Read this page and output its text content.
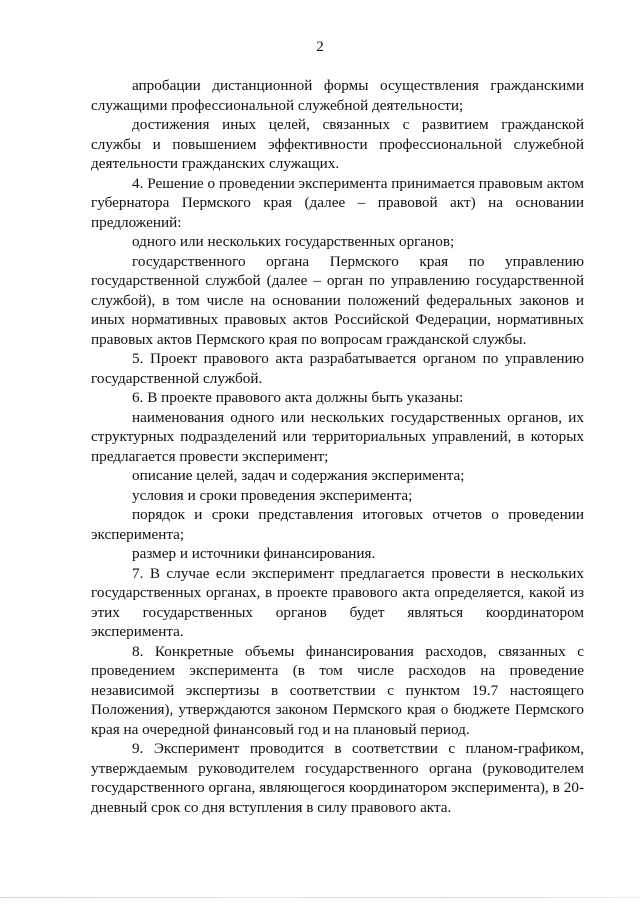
2

апробации дистанционной формы осуществления гражданскими служащими профессиональной служебной деятельности;

достижения иных целей, связанных с развитием гражданской службы и повышением эффективности профессиональной служебной деятельности гражданских служащих.

4. Решение о проведении эксперимента принимается правовым актом губернатора Пермского края (далее – правовой акт) на основании предложений:

одного или нескольких государственных органов;

государственного органа Пермского края по управлению государственной службой (далее – орган по управлению государственной службой), в том числе на основании положений федеральных законов и иных нормативных правовых актов Российской Федерации, нормативных правовых актов Пермского края по вопросам гражданской службы.

5. Проект правового акта разрабатывается органом по управлению государственной службой.

6. В проекте правового акта должны быть указаны:

наименования одного или нескольких государственных органов, их структурных подразделений или территориальных управлений, в которых предлагается провести эксперимент;

описание целей, задач и содержания эксперимента;

условия и сроки проведения эксперимента;

порядок и сроки представления итоговых отчетов о проведении эксперимента;

размер и источники финансирования.

7. В случае если эксперимент предлагается провести в нескольких государственных органах, в проекте правового акта определяется, какой из этих государственных органов будет являться координатором эксперимента.

8. Конкретные объемы финансирования расходов, связанных с проведением эксперимента (в том числе расходов на проведение независимой экспертизы в соответствии с пунктом 19.7 настоящего Положения), утверждаются законом Пермского края о бюджете Пермского края на очередной финансовый год и на плановый период.

9. Эксперимент проводится в соответствии с планом-графиком, утверждаемым руководителем государственного органа (руководителем государственного органа, являющегося координатором эксперимента), в 20-дневный срок со дня вступления в силу правового акта.
